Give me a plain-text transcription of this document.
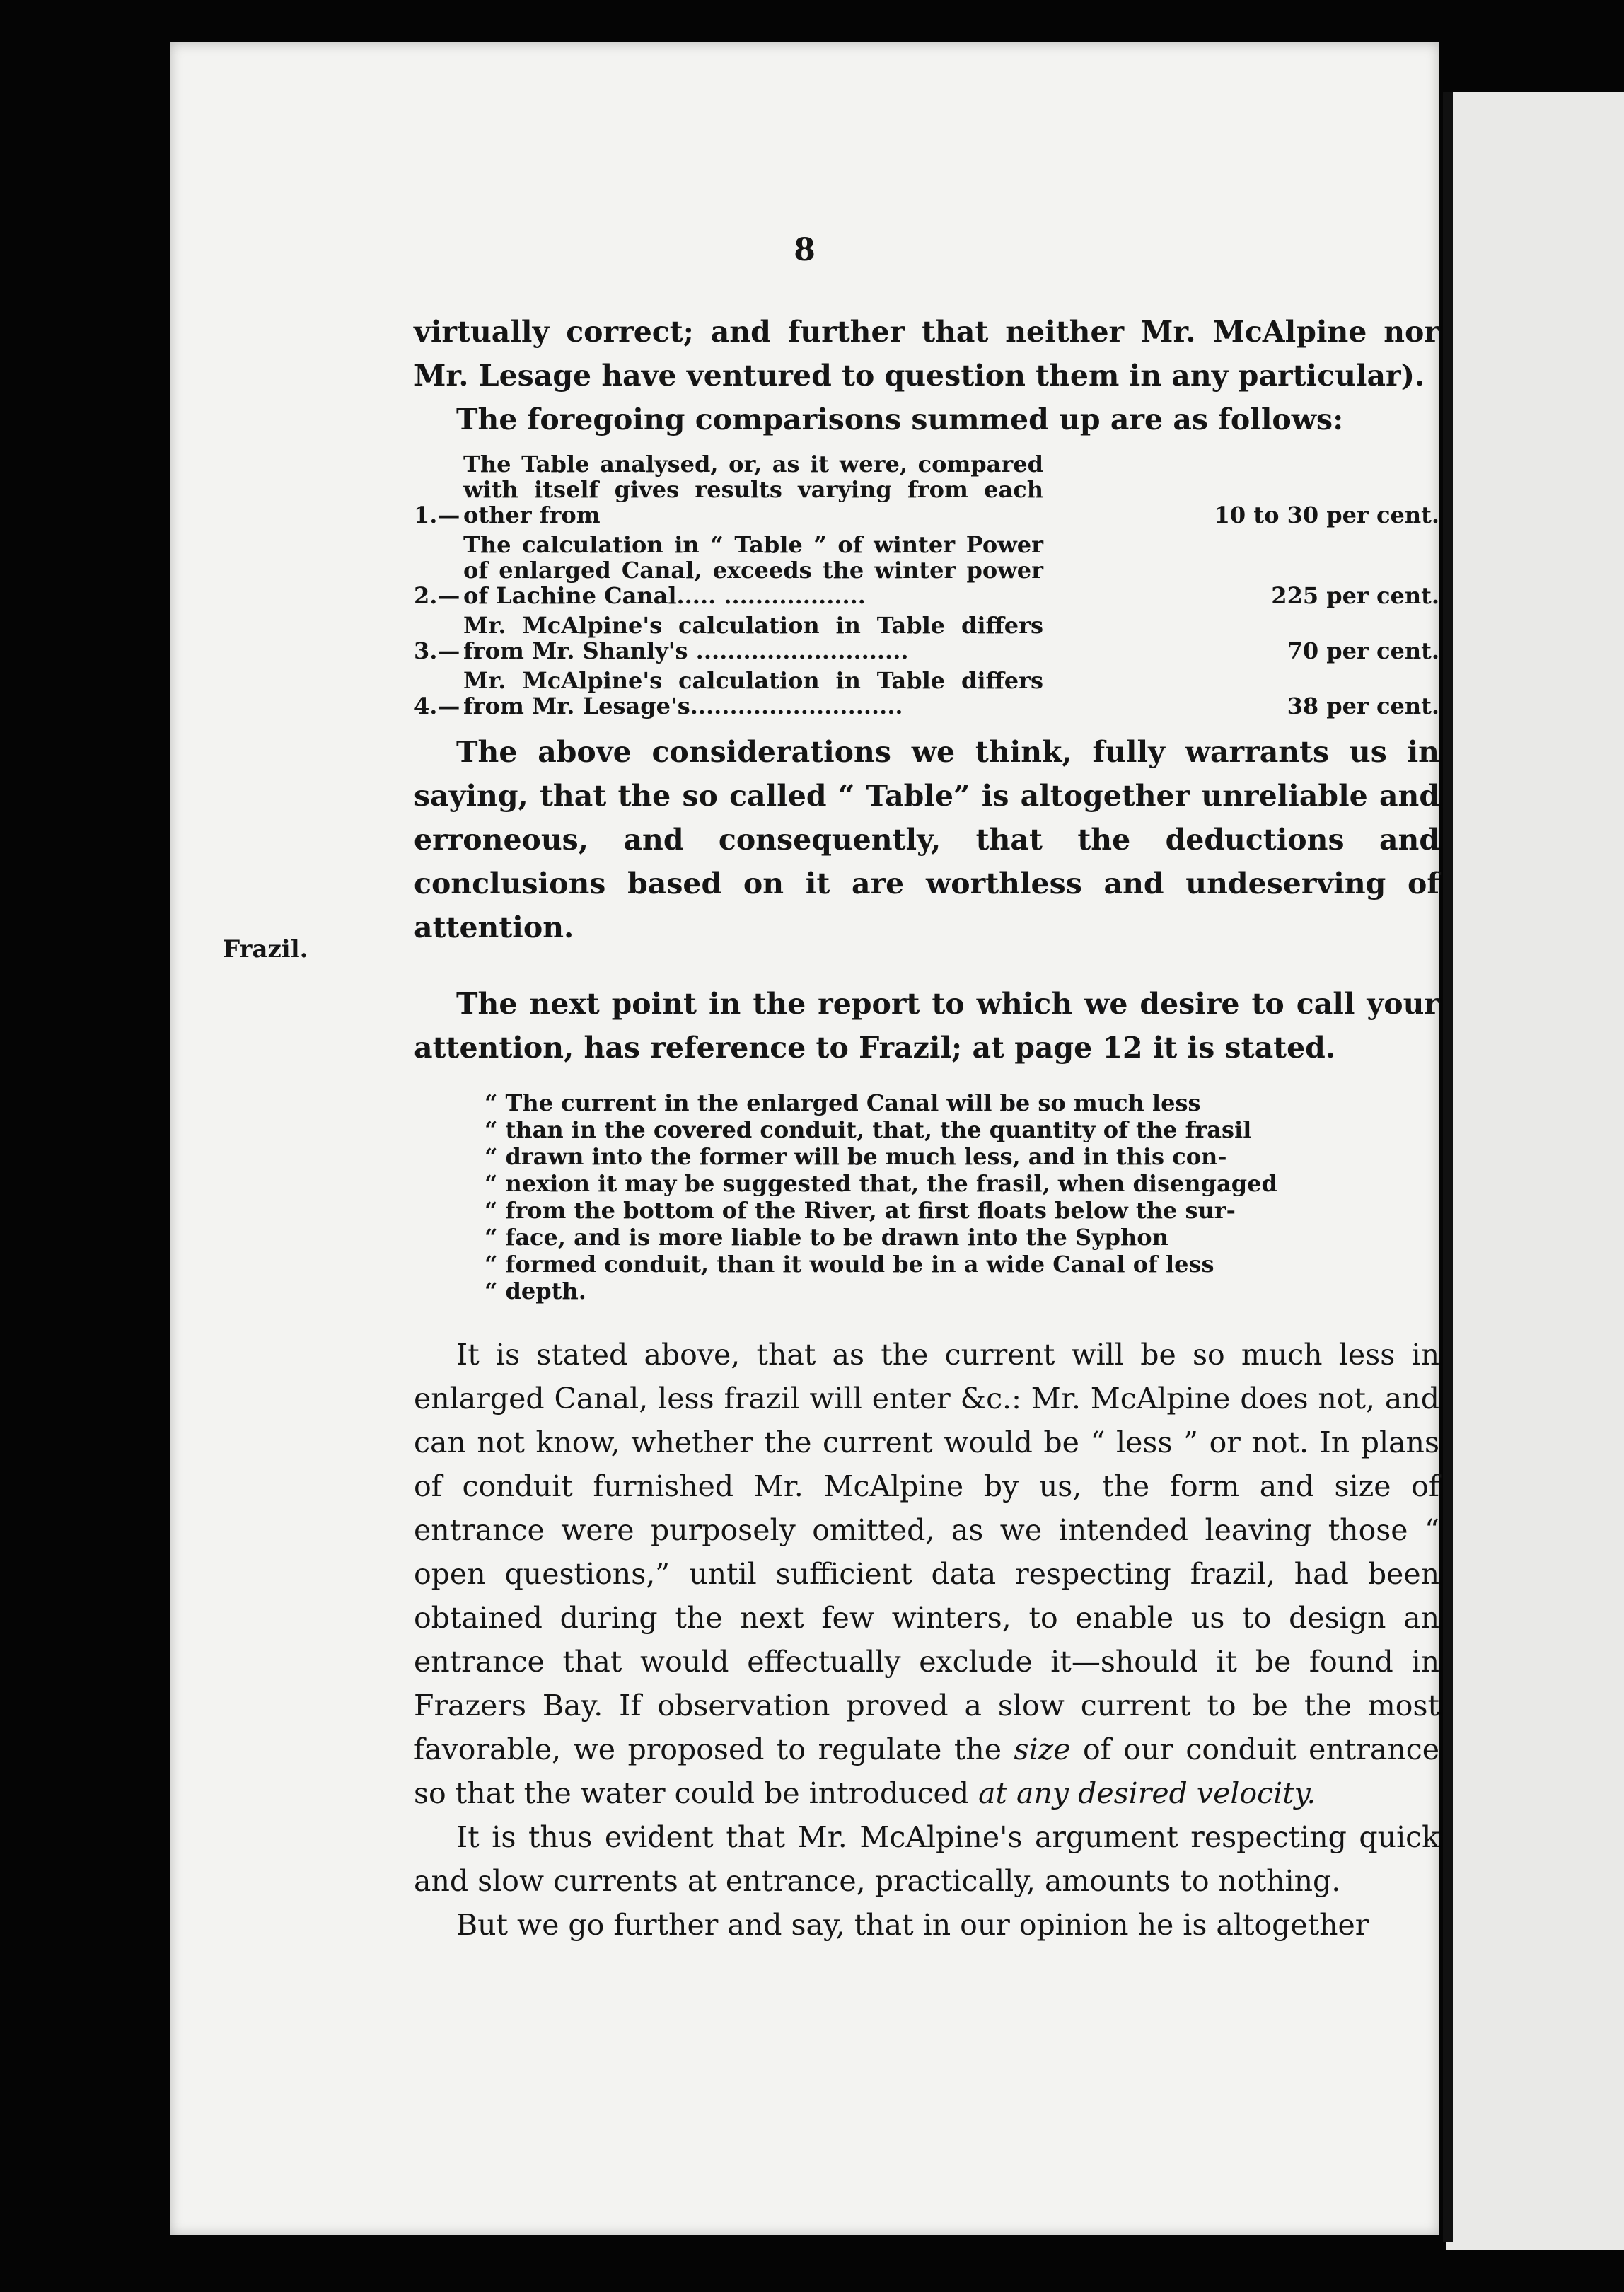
8
Frazil.

virtually correct; and further that neither Mr. McAlpine nor Mr. Lesage have ventured to question them in any particular).

The foregoing comparisons summed up are as follows:

1.—
The Table analysed, or, as it were, compared with itself gives results varying from each other from	10 to 30 per cent.
2.—
The calculation in “ Table ” of winter Power of enlarged Canal, exceeds the winter power of Lachine Canal..... ..................	225 per cent.
3.—
Mr. McAlpine's calculation in Table differs from Mr. Shanly's ...........................	70 per cent.
4.—
Mr. McAlpine's calculation in Table differs from Mr. Lesage's...........................	38 per cent.

The above considerations we think, fully warrants us in saying, that the so called “ Table” is altogether unreliable and erroneous, and consequently, that the deductions and conclusions based on it are worthless and undeserving of attention.

The next point in the report to which we desire to call your attention, has reference to Frazil; at page 12 it is stated.

“ The current in the enlarged Canal will be so much less
“ than in the covered conduit, that, the quantity of the frasil
“ drawn into the former will be much less, and in this con-
“ nexion it may be suggested that, the frasil, when disengaged
“ from the bottom of the River, at first floats below the sur-
“ face, and is more liable to be drawn into the Syphon
“ formed conduit, than it would be in a wide Canal of less
“ depth.

It is stated above, that as the current will be so much less in enlarged Canal, less frazil will enter &c.: Mr. McAlpine does not, and can not know, whether the current would be “ less ” or not. In plans of conduit furnished Mr. McAlpine by us, the form and size of entrance were purposely omitted, as we intended leaving those “ open questions,” until sufficient data respecting frazil, had been obtained during the next few winters, to enable us to design an entrance that would effectually exclude it—should it be found in Frazers Bay. If observation proved a slow current to be the most favorable, we proposed to regulate the size of our conduit entrance so that the water could be introduced at any desired velocity.

It is thus evident that Mr. McAlpine's argument respecting quick and slow currents at entrance, practically, amounts to nothing.

But we go further and say, that in our opinion he is altogether
